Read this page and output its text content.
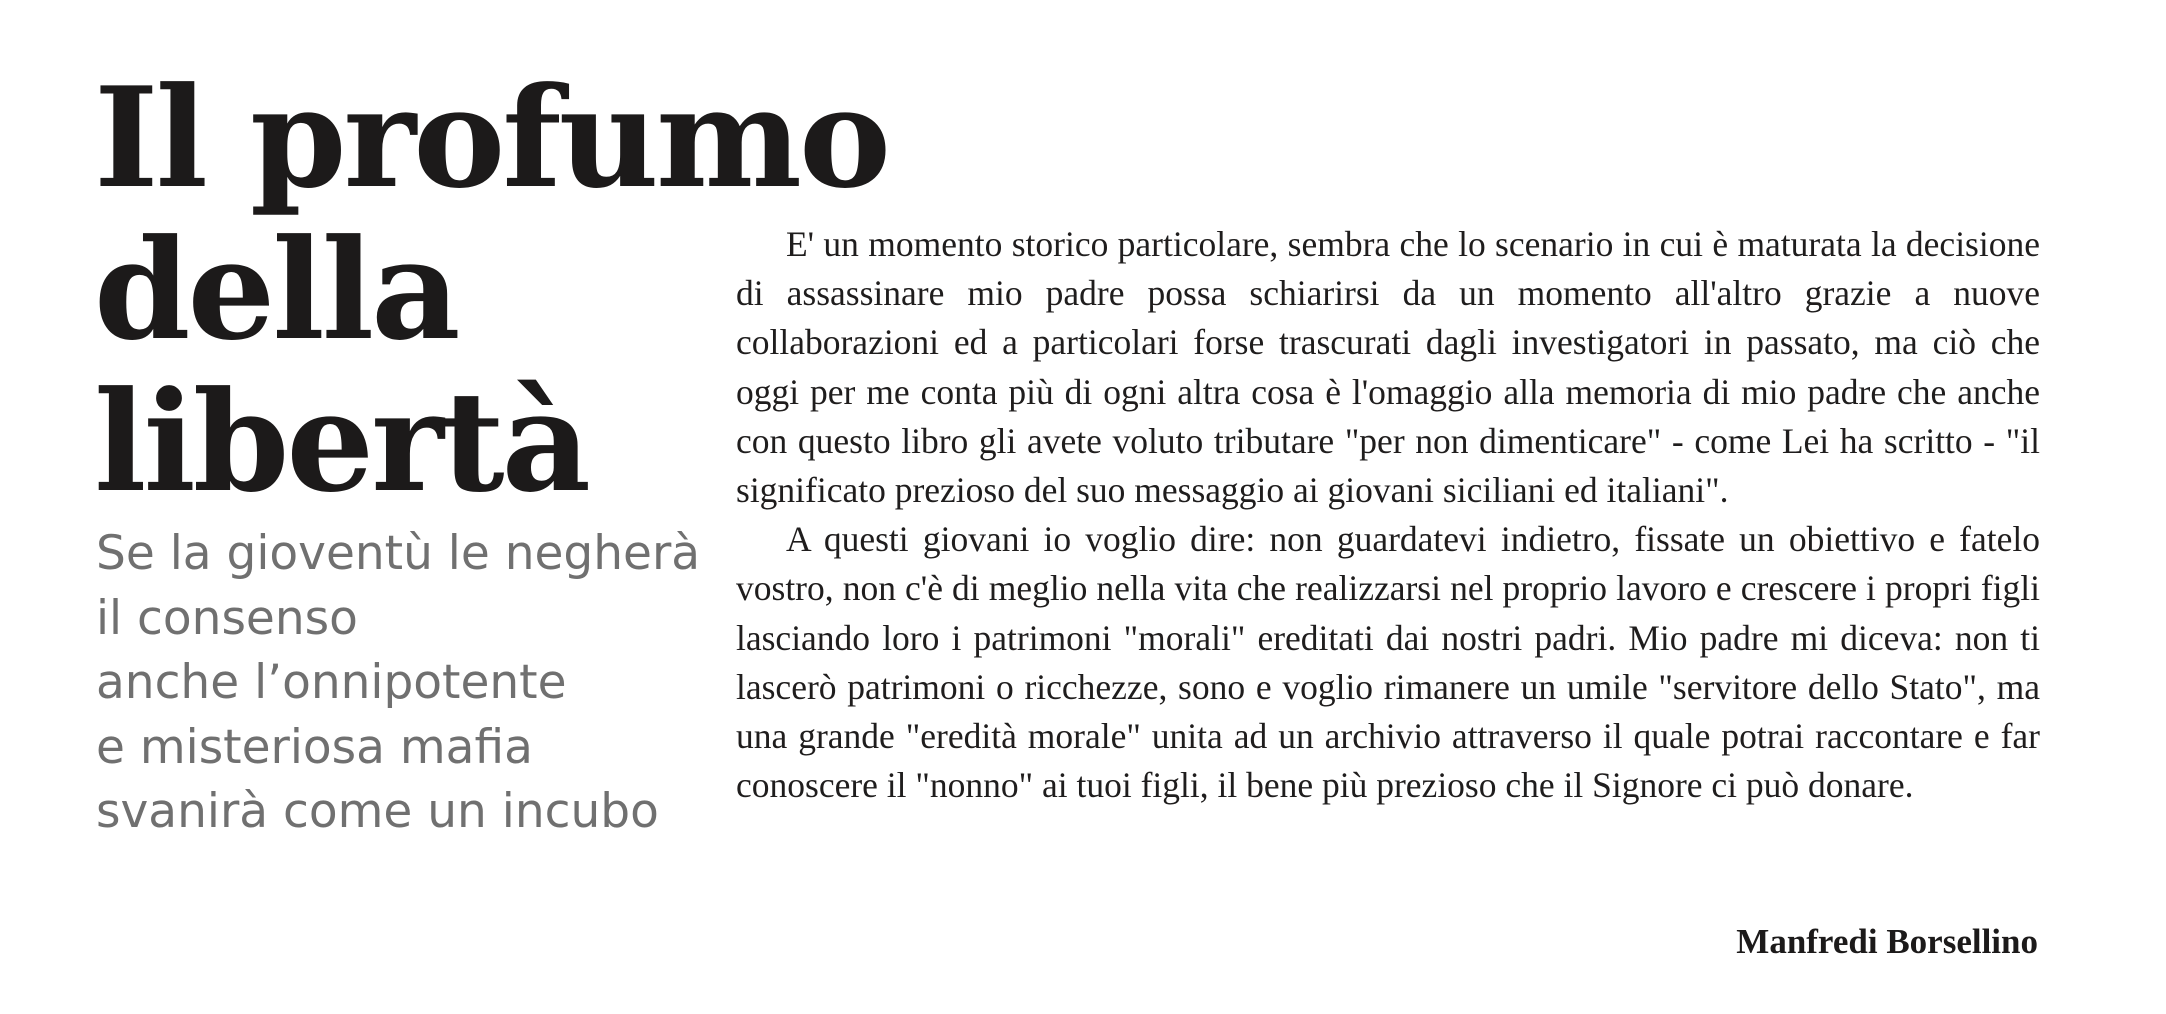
Il profumo
della
libertà
Se la gioventù le negherà
il consenso
anche l’onnipotente
e misteriosa mafia
svanirà come un incubo

E' un momento storico particolare, sembra che lo scenario in cui è maturata la decisione di assassinare mio padre possa schiarirsi da un momento all'altro grazie a nuove collaborazioni ed a particolari forse trascurati dagli investigatori in passato, ma ciò che oggi per me conta più di ogni altra cosa è l'omaggio alla memoria di mio padre che anche con questo libro gli avete voluto tributare "per non dimenticare" - come Lei ha scritto - "il significato prezioso del suo messaggio ai giovani siciliani ed italiani".

A questi giovani io voglio dire: non guardatevi indietro, fissate un obiettivo e fatelo vostro, non c'è di meglio nella vita che realizzarsi nel proprio lavoro e crescere i propri figli lasciando loro i patrimoni "morali" ereditati dai nostri padri. Mio padre mi diceva: non ti lascerò patrimoni o ricchezze, sono e voglio rimanere un umile "servitore dello Stato", ma una grande "eredità morale" unita ad un archivio attraverso il quale potrai raccontare e far conoscere il "nonno" ai tuoi figli, il bene più prezioso che il Signore ci può donare.

Manfredi Borsellino
